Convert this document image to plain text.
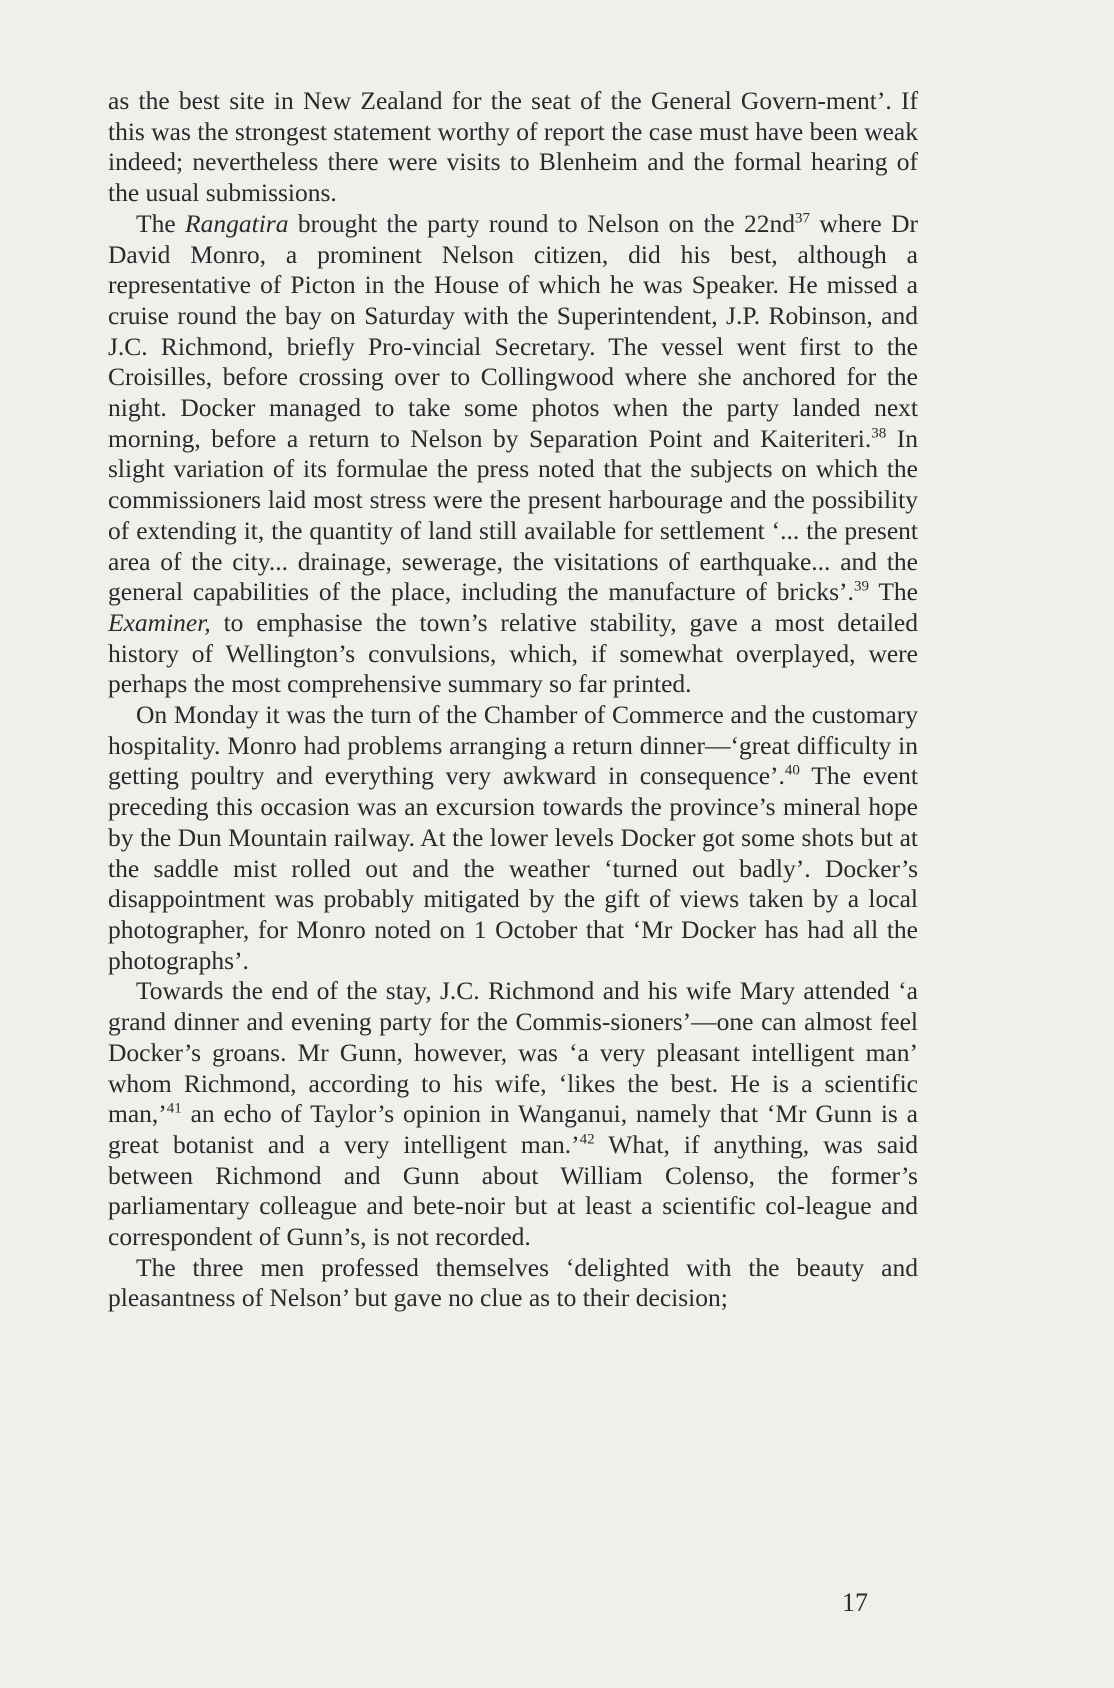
as the best site in New Zealand for the seat of the General Govern-ment’. If this was the strongest statement worthy of report the case must have been weak indeed; nevertheless there were visits to Blenheim and the formal hearing of the usual submissions.

The Rangatira brought the party round to Nelson on the $22nd^{37}$ where Dr David Monro, a prominent Nelson citizen, did his best, although a representative of Picton in the House of which he was Speaker. He missed a cruise round the bay on Saturday with the Superintendent, J.P. Robinson, and J.C. Richmond, briefly Pro-vincial Secretary. The vessel went first to the Croisilles, before crossing over to Collingwood where she anchored for the night. Docker managed to take some photos when the party landed next morning, before a return to Nelson by Separation Point and Kaiteriteri.$^{38}$ In slight variation of its formulae the press noted that the subjects on which the commissioners laid most stress were the present harbourage and the possibility of extending it, the quantity of land still available for settlement ‘... the present area of the city... drainage, sewerage, the visitations of earthquake... and the general capabilities of the place, including the manufacture of bricks’.$^{39}$ The Examiner, to emphasise the town’s relative stability, gave a most detailed history of Wellington’s convulsions, which, if somewhat overplayed, were perhaps the most comprehensive summary so far printed.

On Monday it was the turn of the Chamber of Commerce and the customary hospitality. Monro had problems arranging a return dinner—‘great difficulty in getting poultry and everything very awkward in consequence’.$^{40}$ The event preceding this occasion was an excursion towards the province’s mineral hope by the Dun Mountain railway. At the lower levels Docker got some shots but at the saddle mist rolled out and the weather ‘turned out badly’. Docker’s disappointment was probably mitigated by the gift of views taken by a local photographer, for Monro noted on 1 October that ‘Mr Docker has had all the photographs’.

Towards the end of the stay, J.C. Richmond and his wife Mary attended ‘a grand dinner and evening party for the Commis-sioners’—one can almost feel Docker’s groans. Mr Gunn, however, was ‘a very pleasant intelligent man’ whom Richmond, according to his wife, ‘likes the best. He is a scientific man,’$^{41}$ an echo of Taylor’s opinion in Wanganui, namely that ‘Mr Gunn is a great botanist and a very intelligent man.’$^{42}$ What, if anything, was said between Richmond and Gunn about William Colenso, the former’s parliamentary colleague and bete-noir but at least a scientific col-league and correspondent of Gunn’s, is not recorded.

The three men professed themselves ‘delighted with the beauty and pleasantness of Nelson’ but gave no clue as to their decision;

17
